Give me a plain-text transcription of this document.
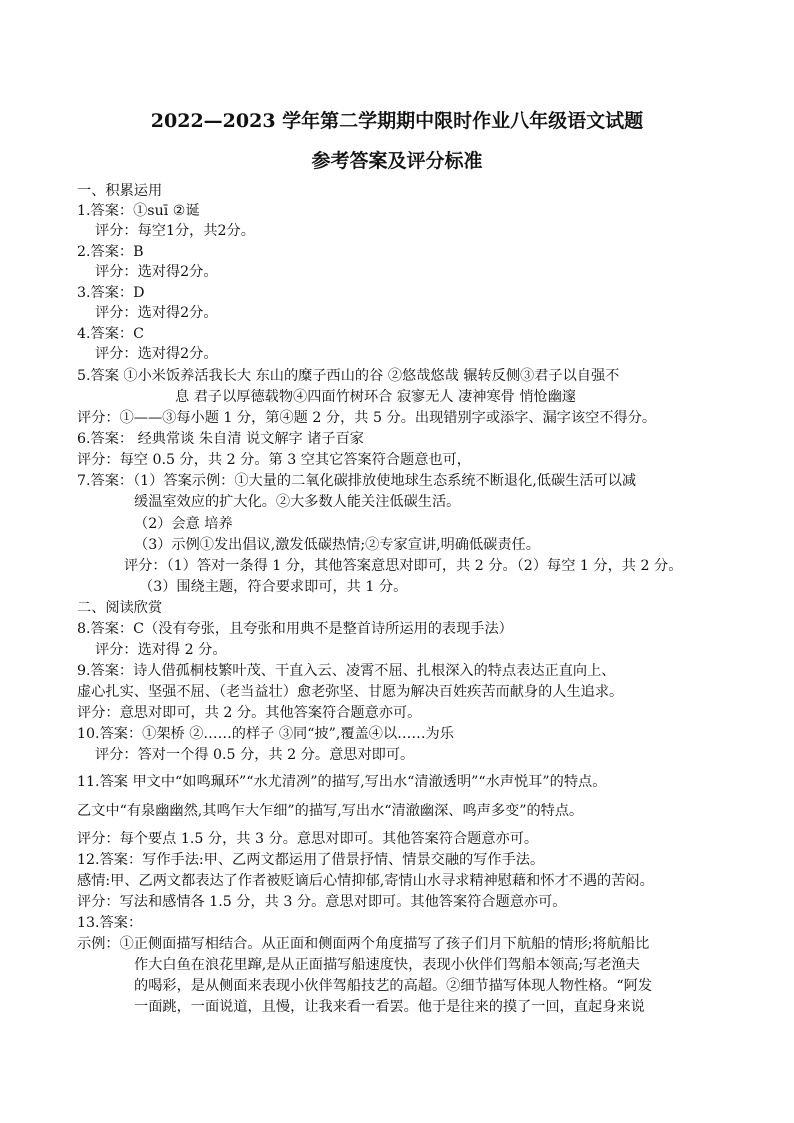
2022—2023 学年第二学期期中限时作业八年级语文试题
参考答案及评分标准
一、积累运用
1.答案：①suī ②诞
评分：每空1分，共2分。
2.答案：B
评分：选对得2分。
3.答案：D
评分：选对得2分。
4.答案：C
评分：选对得2分。
5.答案 ①小米饭养活我长大 东山的糜子西山的谷 ②悠哉悠哉 辗转反侧③君子以自强不
息 君子以厚德载物④四面竹树环合 寂寥无人 凄神寒骨 悄怆幽邃
评分：①——③每小题 1 分，第④题 2 分，共 5 分。出现错别字或添字、漏字该空不得分。
6.答案： 经典常谈 朱自清 说文解字 诸子百家
评分：每空 0.5 分，共 2 分。第 3 空其它答案符合题意也可，
7.答案：（1）答案示例：①大量的二氧化碳排放使地球生态系统不断退化,低碳生活可以减
缓温室效应的扩大化。②大多数人能关注低碳生活。
（2）会意 培养
（3）示例①发出倡议,激发低碳热情;②专家宣讲,明确低碳责任。
评分：（1）答对一条得 1 分，其他答案意思对即可，共 2 分。（2）每空 1 分，共 2 分。
（3）围绕主题，符合要求即可，共 1 分。
二、阅读欣赏
8.答案：C（没有夸张，且夸张和用典不是整首诗所运用的表现手法）
评分：选对得 2 分。
9.答案：诗人借孤桐枝繁叶茂、干直入云、凌霄不屈、扎根深入的特点表达正直向上、
虚心扎实、坚强不屈、（老当益壮）愈老弥坚、甘愿为解决百姓疾苦而献身的人生追求。
评分：意思对即可，共 2 分。其他答案符合题意亦可。
10.答案：①架桥 ②……的样子 ③同“披”,覆盖④以……为乐
评分：答对一个得 0.5 分，共 2 分。意思对即可。
11.答案 甲文中“如鸣珮环”“水尤清冽”的描写,写出水“清澈透明”“水声悦耳”的特点。
乙文中“有泉幽幽然,其鸣乍大乍细”的描写,写出水“清澈幽深、鸣声多变”的特点。
评分：每个要点 1.5 分，共 3 分。意思对即可。其他答案符合题意亦可。
12.答案：写作手法:甲、乙两文都运用了借景抒情、情景交融的写作手法。
感情:甲、乙两文都表达了作者被贬谪后心情抑郁,寄情山水寻求精神慰藉和怀才不遇的苦闷。
评分：写法和感情各 1.5 分，共 3 分。意思对即可。其他答案符合题意亦可。
13.答案：
示例：①正侧面描写相结合。从正面和侧面两个角度描写了孩子们月下航船的情形;将航船比
作大白鱼在浪花里蹿,是从正面描写船速度快，表现小伙伴们驾船本领高;写老渔夫
的喝彩，是从侧面来表现小伙伴驾船技艺的高超。②细节描写体现人物性格。“阿发
一面跳，一面说道，且慢，让我来看一看罢。他于是往来的摸了一回，直起身来说
